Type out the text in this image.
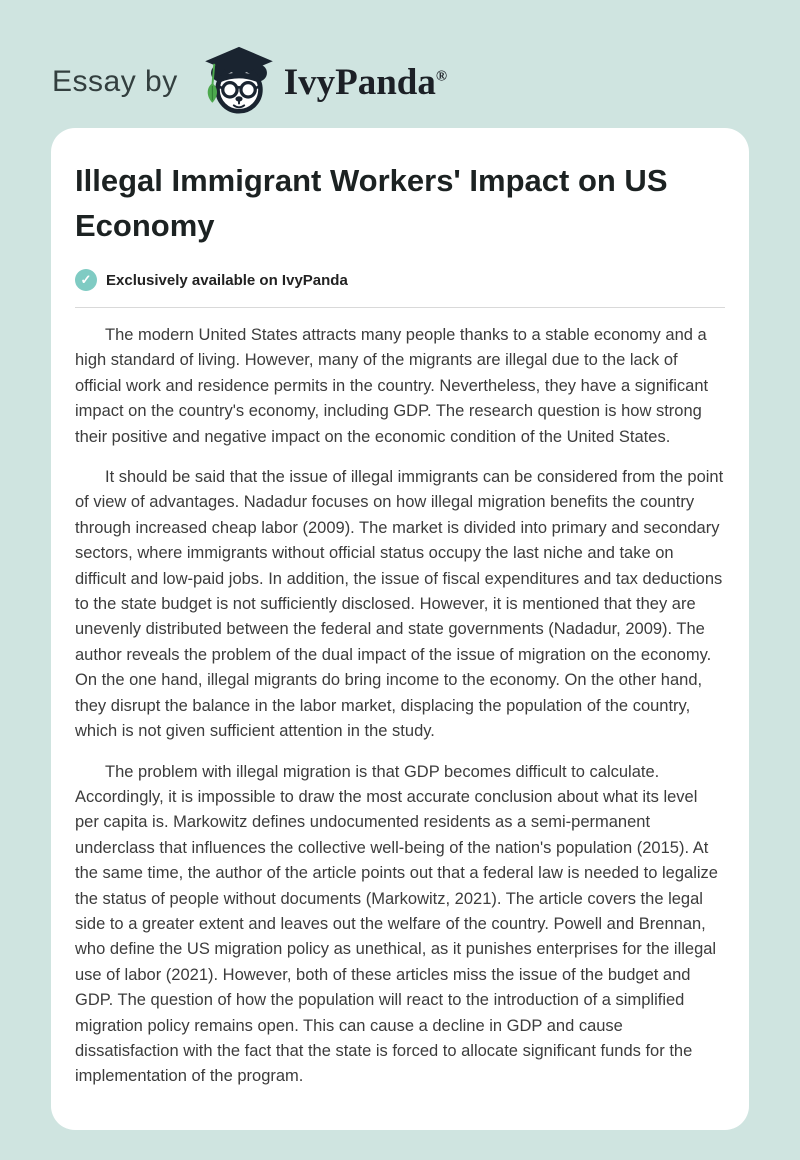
Essay by	IvyPanda®
Illegal Immigrant Workers' Impact on US Economy
✓ Exclusively available on IvyPanda

The modern United States attracts many people thanks to a stable economy and a high standard of living. However, many of the migrants are illegal due to the lack of official work and residence permits in the country. Nevertheless, they have a significant impact on the country's economy, including GDP. The research question is how strong their positive and negative impact on the economic condition of the United States.

It should be said that the issue of illegal immigrants can be considered from the point of view of advantages. Nadadur focuses on how illegal migration benefits the country through increased cheap labor (2009). The market is divided into primary and secondary sectors, where immigrants without official status occupy the last niche and take on difficult and low-paid jobs. In addition, the issue of fiscal expenditures and tax deductions to the state budget is not sufficiently disclosed. However, it is mentioned that they are unevenly distributed between the federal and state governments (Nadadur, 2009). The author reveals the problem of the dual impact of the issue of migration on the economy. On the one hand, illegal migrants do bring income to the economy. On the other hand, they disrupt the balance in the labor market, displacing the population of the country, which is not given sufficient attention in the study.

The problem with illegal migration is that GDP becomes difficult to calculate. Accordingly, it is impossible to draw the most accurate conclusion about what its level per capita is. Markowitz defines undocumented residents as a semi-permanent underclass that influences the collective well-being of the nation's population (2015). At the same time, the author of the article points out that a federal law is needed to legalize the status of people without documents (Markowitz, 2021). The article covers the legal side to a greater extent and leaves out the welfare of the country. Powell and Brennan, who define the US migration policy as unethical, as it punishes enterprises for the illegal use of labor (2021). However, both of these articles miss the issue of the budget and GDP. The question of how the population will react to the introduction of a simplified migration policy remains open. This can cause a decline in GDP and cause dissatisfaction with the fact that the state is forced to allocate significant funds for the implementation of the program.
